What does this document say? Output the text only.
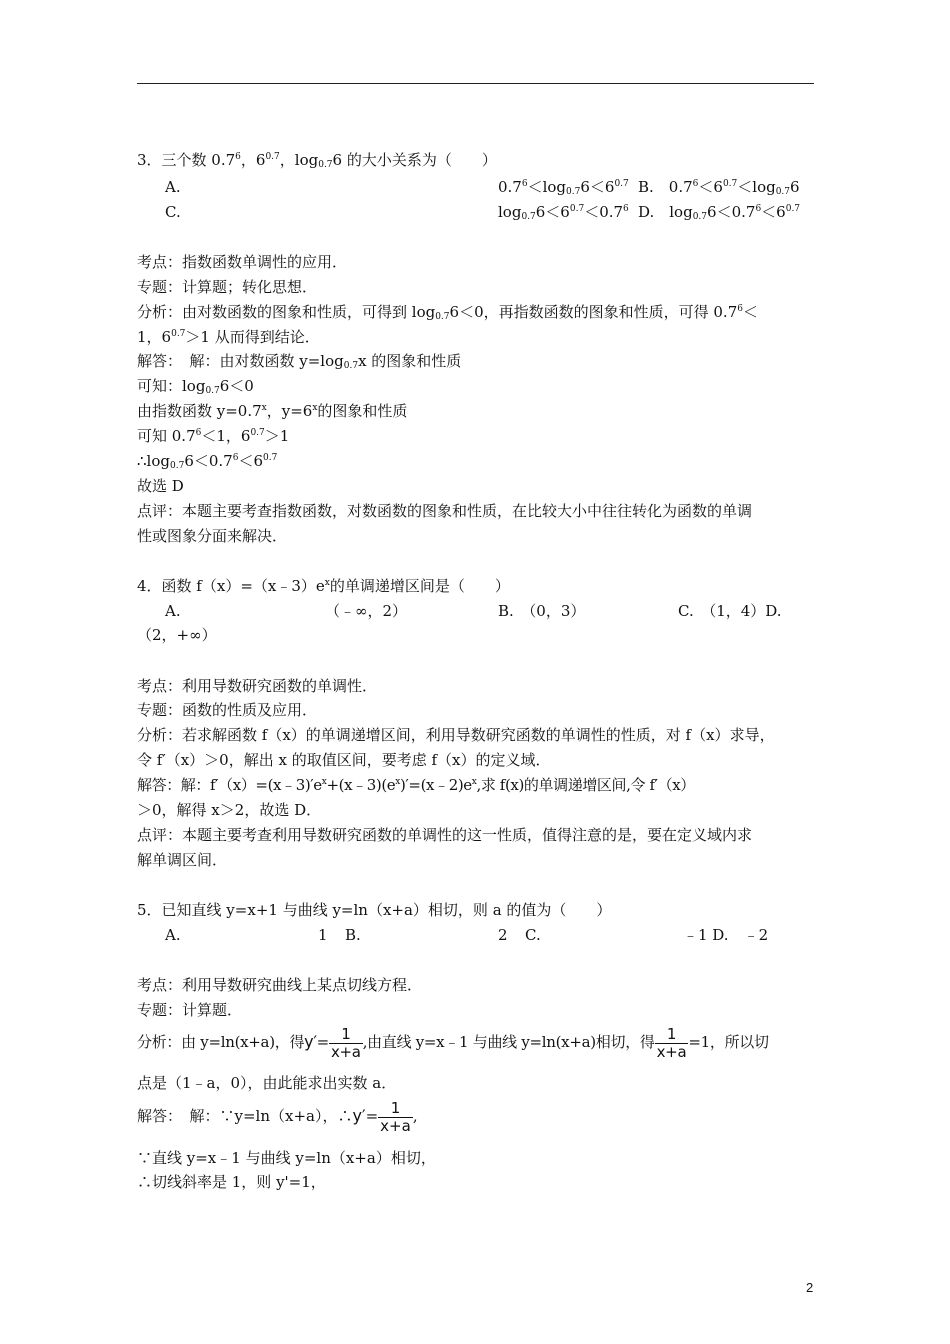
3．三个数 $0.7^6$，$6^{0.7}$，$\log_{0.7}6$ 的大小关系为（　　）
A.	$0.7^6<\log_{0.7}6<6^{0.7}$ B.　$0.7^6<6^{0.7}<\log_{0.7}6$
C.	$\log_{0.7}6<6^{0.7}<0.7^6$ D.　$\log_{0.7}6<0.7^6<6^{0.7}$
考点：指数函数单调性的应用．
专题：计算题；转化思想．
分析：由对数函数的图象和性质，可得到 $\log_{0.7}6<0$，再指数函数的图象和性质，可得 $0.7^6<$
1，$6^{0.7}>1$ 从而得到结论．
解答：　解：由对数函数 $y=\log_{0.7}x$ 的图象和性质
可知：$\log_{0.7}6<0$
由指数函数 $y=0.7^x$，$y=6^x$的图象和性质
可知 $0.7^6<1$，$6^{0.7}>1$
$\therefore\log_{0.7}6<0.7^6<6^{0.7}$
故选 D
点评：本题主要考查指数函数，对数函数的图象和性质，在比较大小中往往转化为函数的单调
性或图象分面来解决．
4．函数 $f(x)=(x﹣3)e^x$的单调递增区间是（　　）
A.	（﹣∞，2）	B.　（0，3）	C.　（1，4）D.
（2，+∞）
考点：利用导数研究函数的单调性．
专题：函数的性质及应用．
分析：若求解函数 f（x）的单调递增区间，利用导数研究函数的单调性的性质，对 f（x）求导，
令 f′（x）＞0，解出 x 的取值区间，要考虑 f（x）的定义域．
解答：解：$f'(x)=(x﹣3)'e^x+(x﹣3)(e^x)'=(x﹣2)e^x$,求 f(x)的单调递增区间,令 f′（x）
＞0，解得 x＞2，故选 D．
点评：本题主要考查利用导数研究函数的单调性的这一性质，值得注意的是，要在定义域内求
解单调区间．
5．已知直线 y=x+1 与曲线 y=ln（x+a）相切，则 a 的值为（　　）
A.	1 B.	2 C.	﹣1 D.　﹣2
考点：利用导数研究曲线上某点切线方程．
专题：计算题．
分析：由 y=ln(x+a)，得$y'= \frac{1}{x+a}$ ,由直线 y=x﹣1 与曲线 y=ln(x+a)相切，得 $\frac{1}{x+a} =1$，所以切
点是（1﹣a，0），由此能求出实数 a．
解答：　解：∵y=ln（x+a），∴y′= $\frac{1}{x+a}$ ,
∵直线 y=x﹣1 与曲线 y=ln（x+a）相切，
∴切线斜率是 1，则 y'=1，
2
